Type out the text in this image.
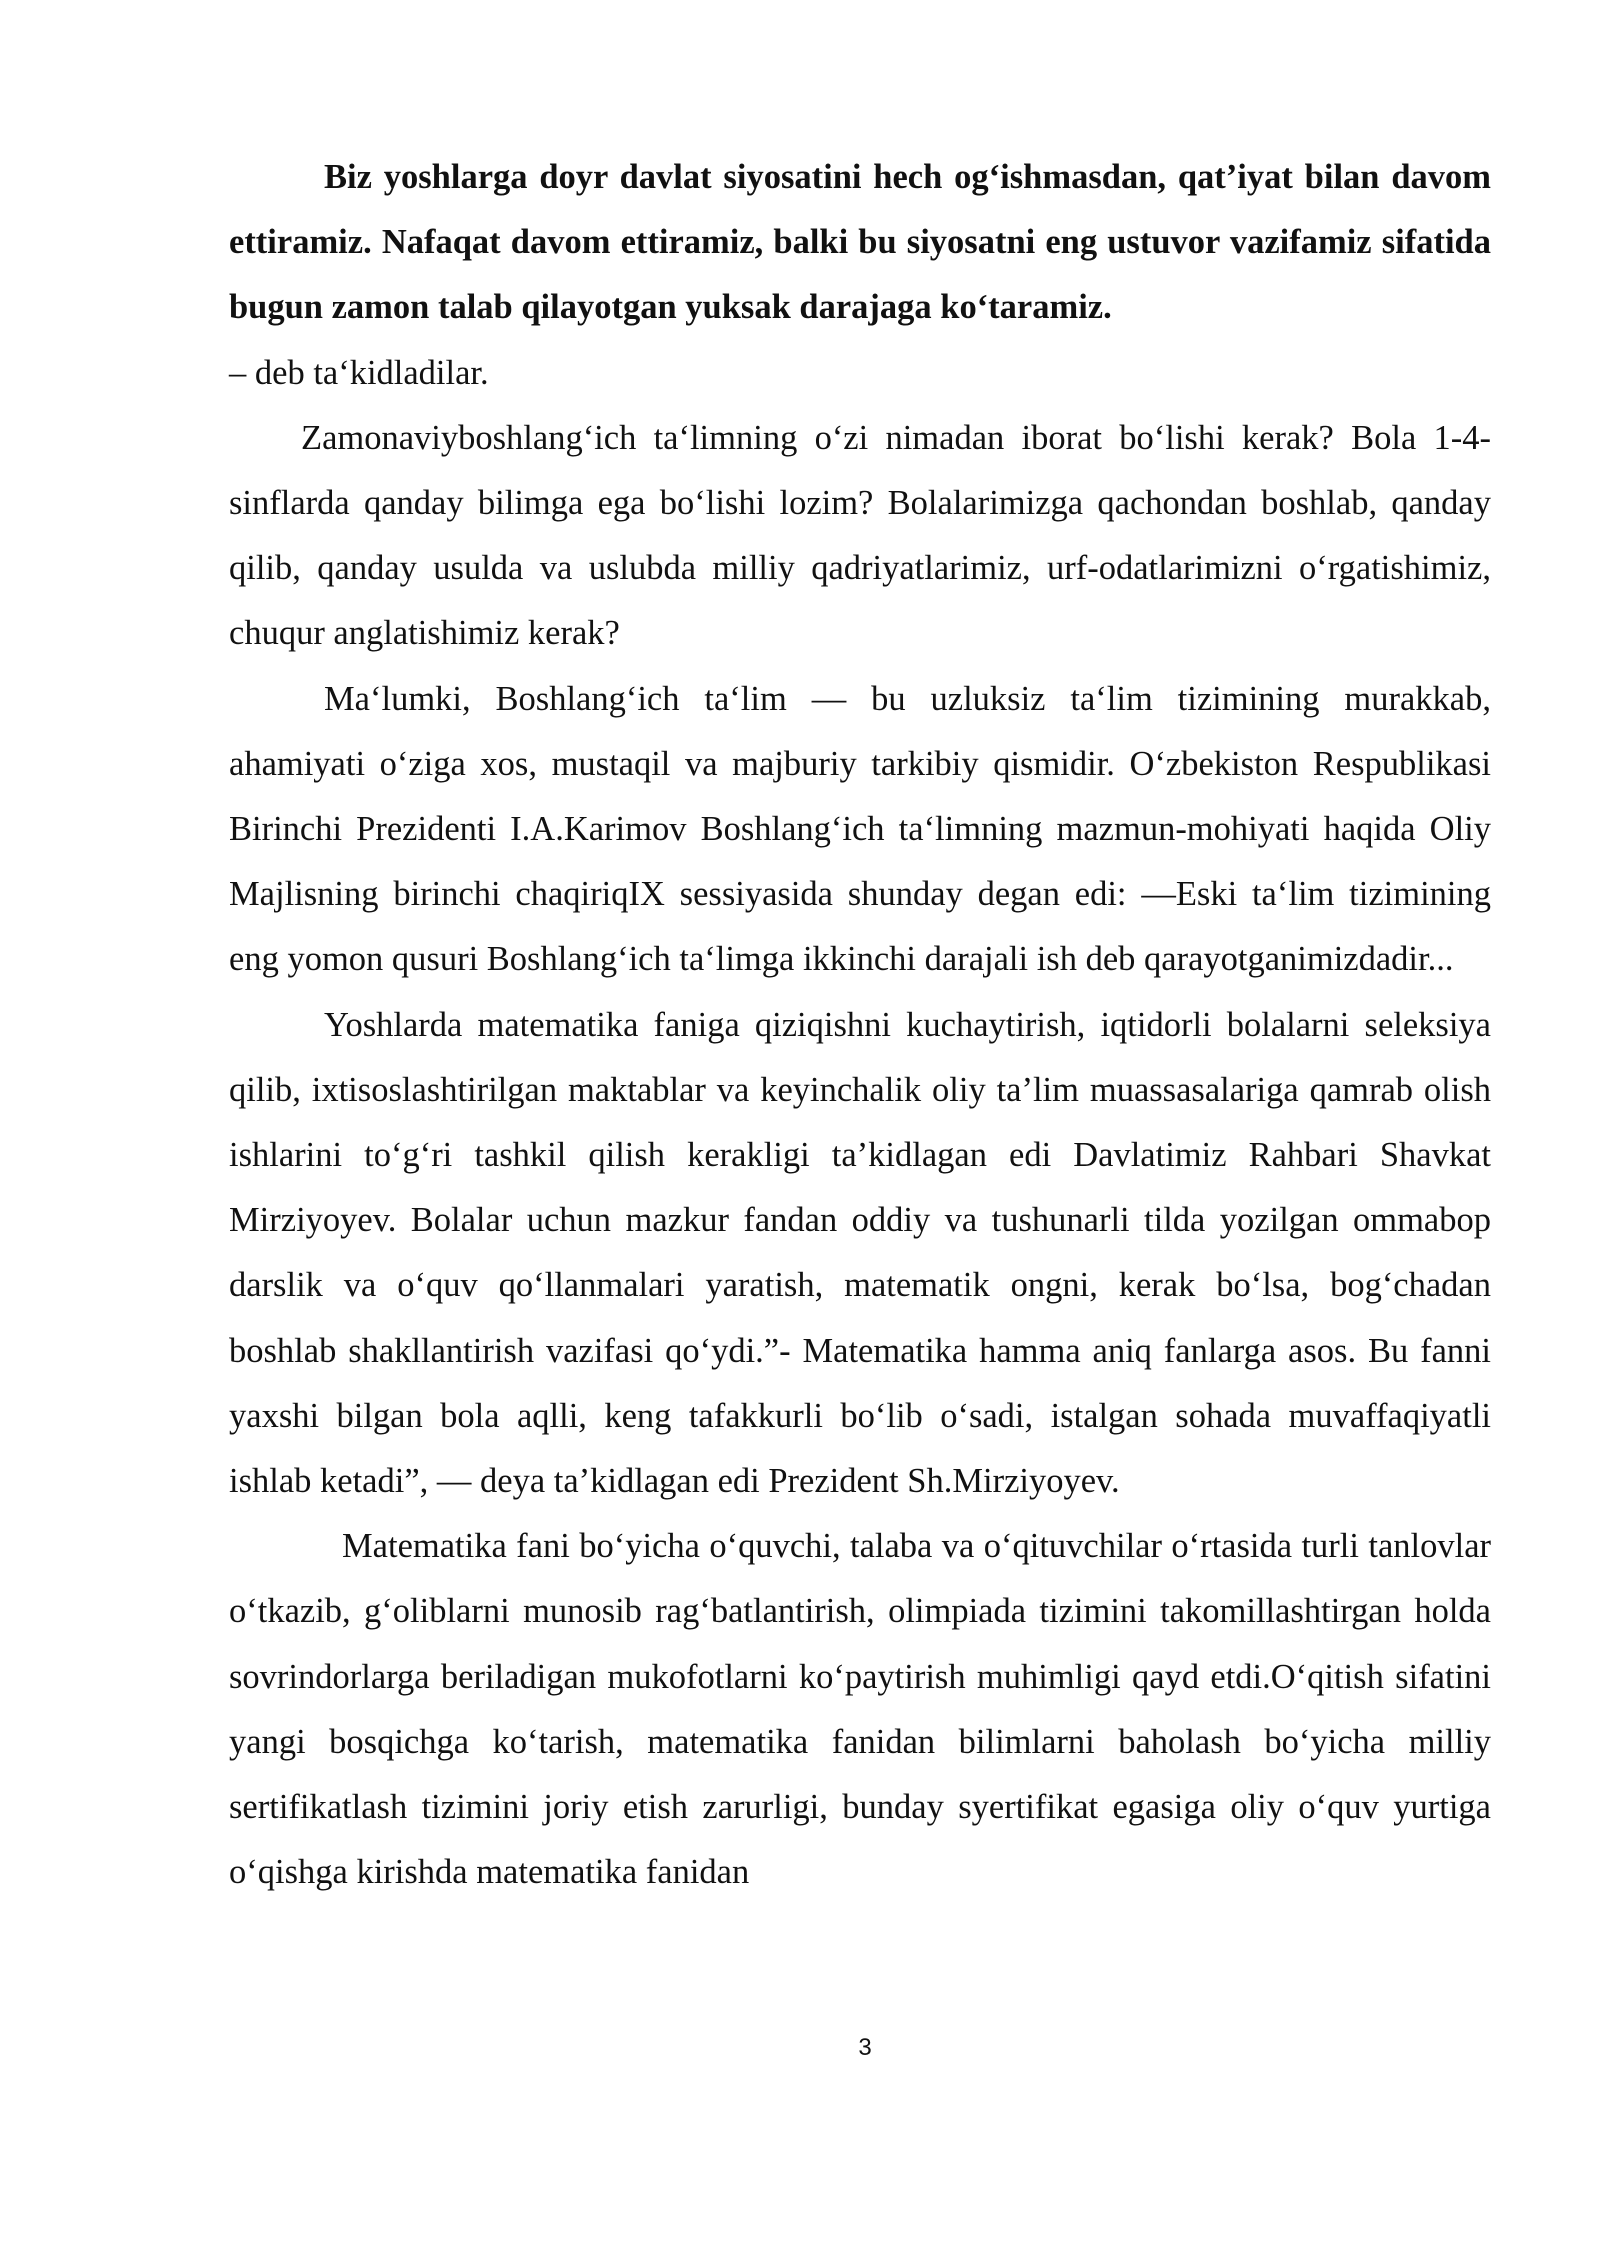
Biz yoshlarga doyr davlat siyosatini hech og‘ishmasdan, qat’iyat bilan davom ettiramiz. Nafaqat davom ettiramiz, balki bu siyosatni eng ustuvor vazifamiz sifatida bugun zamon talab qilayotgan yuksak darajaga ko‘taramiz.
– deb ta‘kidladilar.

Zamonaviyboshlang‘ich ta‘limning o‘zi nimadan iborat bo‘lishi kerak? Bola 1-4-sinflarda qanday bilimga ega bo‘lishi lozim? Bolalarimizga qachondan boshlab, qanday qilib, qanday usulda va uslubda milliy qadriyatlarimiz, urf-odatlarimizni o‘rgatishimiz, chuqur anglatishimiz kerak?

Ma‘lumki, Boshlang‘ich ta‘lim — bu uzluksiz ta‘lim tizimining murakkab, ahamiyati o‘ziga xos, mustaqil va majburiy tarkibiy qismidir. O‘zbekiston Respublikasi Birinchi Prezidenti I.A.Karimov Boshlang‘ich ta‘limning mazmun-mohiyati haqida Oliy Majlisning birinchi chaqiriqIX sessiyasida shunday degan edi: ―Eski ta‘lim tizimining eng yomon qusuri Boshlang‘ich ta‘limga ikkinchi darajali ish deb qarayotganimizdadir...

Yoshlarda matematika faniga qiziqishni kuchaytirish, iqtidorli bolalarni seleksiya qilib, ixtisoslashtirilgan maktablar va keyinchalik oliy ta’lim muassasalariga qamrab olish ishlarini to‘g‘ri tashkil qilish kerakligi ta’kidlagan edi Davlatimiz Rahbari Shavkat Mirziyoyev. Bolalar uchun mazkur fandan oddiy va tushunarli tilda yozilgan ommabop darslik va o‘quv qo‘llanmalari yaratish, matematik ongni, kerak bo‘lsa, bog‘chadan boshlab shakllantirish vazifasi qo‘ydi.”- Matematika hamma aniq fanlarga asos. Bu fanni yaxshi bilgan bola aqlli, keng tafakkurli bo‘lib o‘sadi, istalgan sohada muvaffaqiyatli ishlab ketadi”, — deya ta’kidlagan edi Prezident Sh.Mirziyoyev.

Matematika fani bo‘yicha o‘quvchi, talaba va o‘qituvchilar o‘rtasida turli tanlovlar o‘tkazib, g‘oliblarni munosib rag‘batlantirish, olimpiada tizimini takomillashtirgan holda sovrindorlarga beriladigan mukofotlarni ko‘paytirish muhimligi qayd etdi.O‘qitish sifatini yangi bosqichga ko‘tarish, matematika fanidan bilimlarni baholash bo‘yicha milliy sertifikatlash tizimini joriy etish zarurligi, bunday syertifikat egasiga oliy o‘quv yurtiga o‘qishga kirishda matematika fanidan

3
